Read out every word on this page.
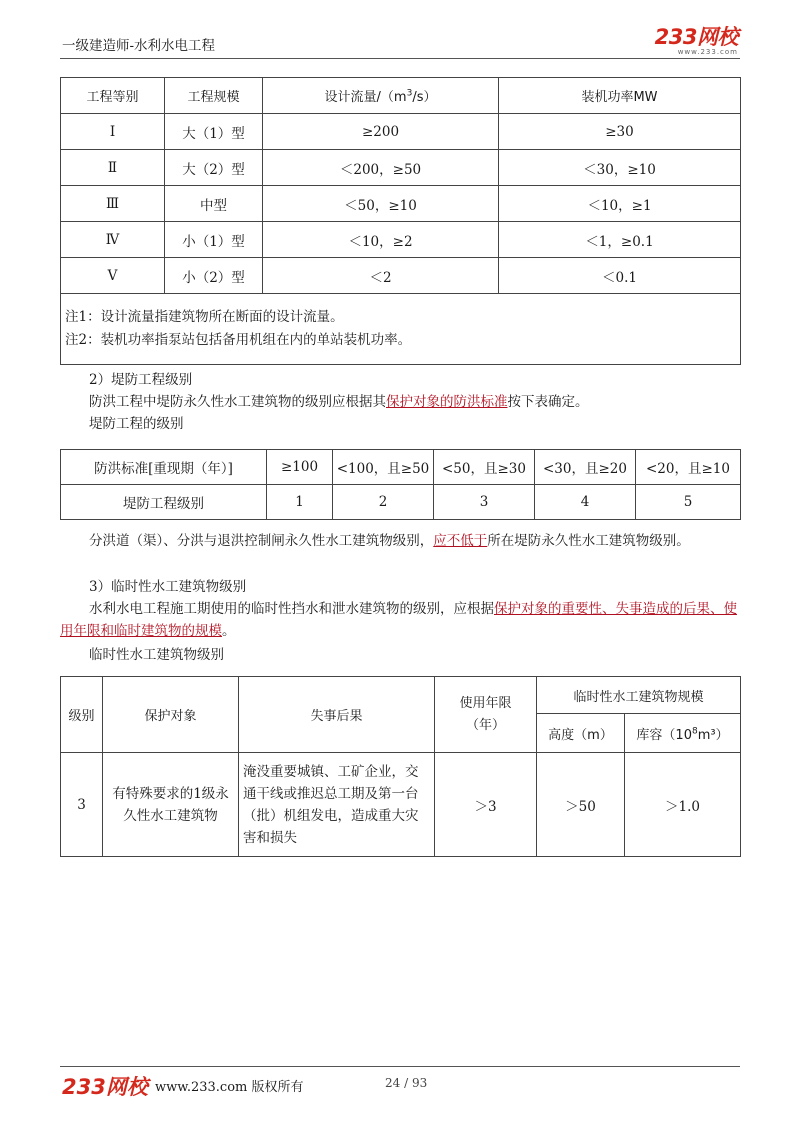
一级建造师-水利水电工程	233网校
www.233.com
工程等别	工程规模	设计流量$/(m^3/s)$	装机功率MW
Ⅰ	大（1）型	≥200	≥30
Ⅱ	大（2）型	＜200，≥50	＜30，≥10
Ⅲ	中型	＜50，≥10	＜10，≥1
Ⅳ	小（1）型	＜10，≥2	＜1，≥0.1
Ⅴ	小（2）型	＜2	＜0.1

注1：设计流量指建筑物所在断面的设计流量。
注2：装机功率指泵站包括备用机组在内的单站装机功率。			
2）堤防工程级别
防洪工程中堤防永久性水工建筑物的级别应根据其保护对象的防洪标准按下表确定。
堤防工程的级别
防洪标准[重现期（年）]	≥100	<100，且≥50	<50，且≥30	<30，且≥20	<20，且≥10
堤防工程级别	1	2	3	4	5
分洪道（渠）、分洪与退洪控制闸永久性水工建筑物级别，应不低于所在堤防永久性水工建筑物级别。
3）临时性水工建筑物级别
水利水电工程施工期使用的临时性挡水和泄水建筑物的级别，应根据保护对象的重要性、失事造成的后果、使用年限和临时建筑物的规模。
临时性水工建筑物级别
级别	保护对象	失事后果	使用年限（年）	临时性水工建筑物规模	
				高度（m）	库容$(10^8m^3)$
3	有特殊要求的1级永久性水工建筑物	淹没重要城镇、工矿企业，交通干线或推迟总工期及第一台（批）机组发电，造成重大灾害和损失	＞3	＞50	＞1.0
233网校 www.233.com 版权所有	24 / 93
